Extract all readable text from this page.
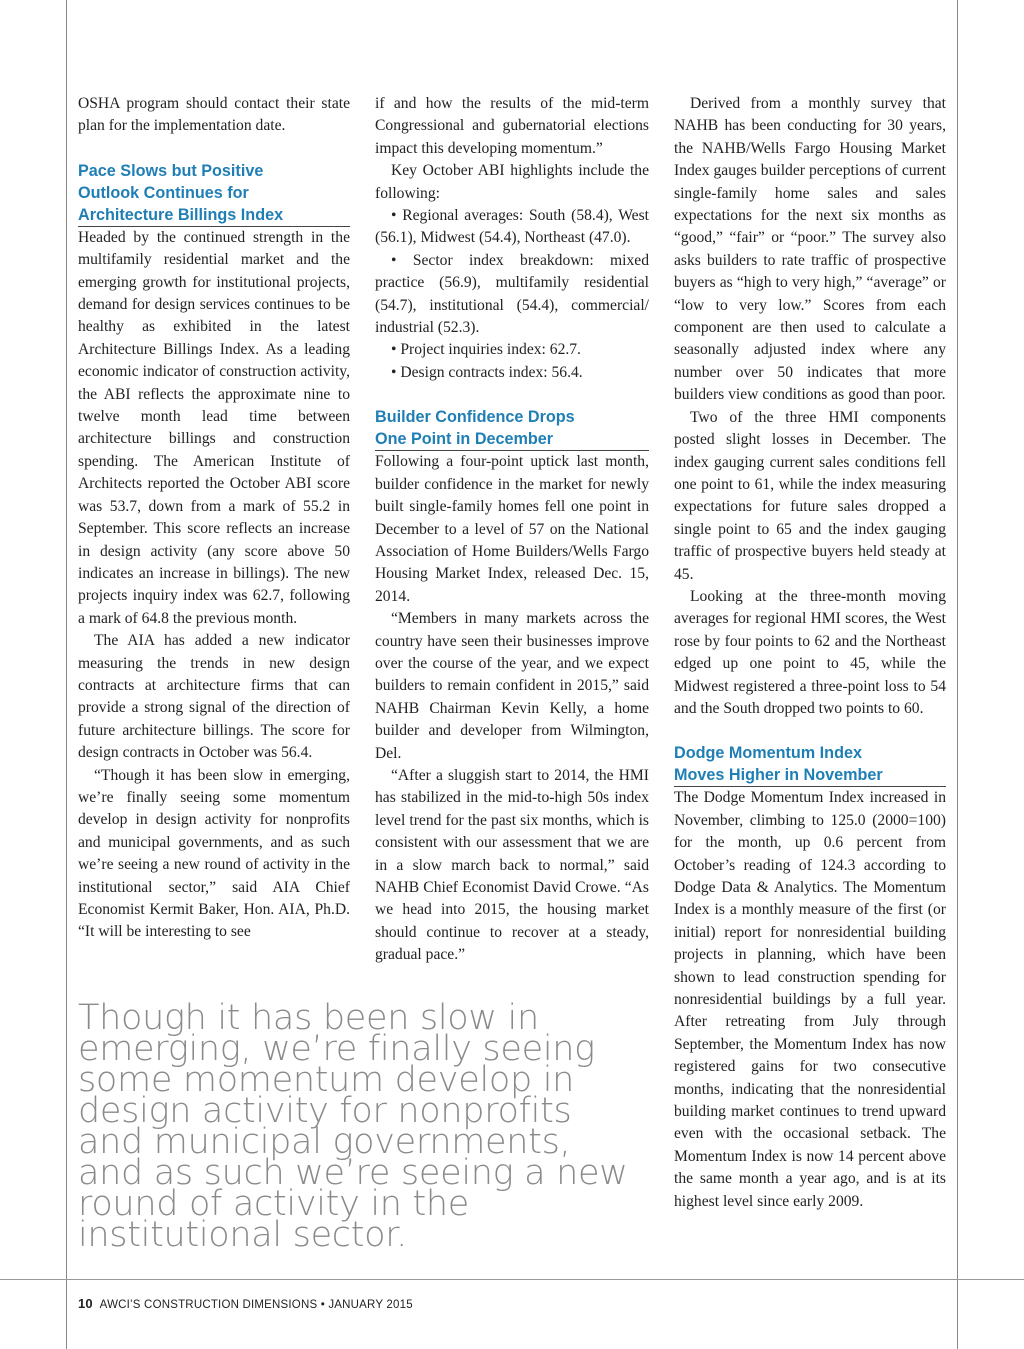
OSHA program should contact their state plan for the implementation date.

Pace Slows but Positive
Outlook Continues for
Architecture Billings Index

Headed by the continued strength in the multifamily residential market and the emerging growth for institutional projects, demand for design services continues to be healthy as exhibited in the latest Architecture Billings Index. As a leading economic indicator of construction activity, the ABI reflects the approximate nine to twelve month lead time between architecture billings and construction spending. The American Institute of Architects reported the October ABI score was 53.7, down from a mark of 55.2 in September. This score reflects an increase in design activity (any score above 50 indicates an increase in billings). The new projects inquiry index was 62.7, following a mark of 64.8 the previous month.

The AIA has added a new indicator measuring the trends in new design contracts at architecture firms that can provide a strong signal of the direction of future architecture billings. The score for design contracts in October was 56.4.

“Though it has been slow in emerging, we’re finally seeing some momentum develop in design activity for nonprofits and municipal governments, and as such we’re seeing a new round of activity in the institutional sector,” said AIA Chief Economist Kermit Baker, Hon. AIA, Ph.D. “It will be interesting to see

if and how the results of the mid-term Congressional and gubernatorial elections impact this developing momentum.”

Key October ABI highlights include the following:

• Regional averages: South (58.4), West (56.1), Midwest (54.4), Northeast (47.0).

• Sector index breakdown: mixed practice (56.9), multifamily residential (54.7), institutional (54.4), commercial/ industrial (52.3).

• Project inquiries index: 62.7.

• Design contracts index: 56.4.

Builder Confidence Drops
One Point in December

Following a four-point uptick last month, builder confidence in the market for newly built single-family homes fell one point in December to a level of 57 on the National Association of Home Builders/Wells Fargo Housing Market Index, released Dec. 15, 2014.

“Members in many markets across the country have seen their businesses improve over the course of the year, and we expect builders to remain confident in 2015,” said NAHB Chairman Kevin Kelly, a home builder and developer from Wilmington, Del.

“After a sluggish start to 2014, the HMI has stabilized in the mid-to-high 50s index level trend for the past six months, which is consistent with our assessment that we are in a slow march back to normal,” said NAHB Chief Economist David Crowe. “As we head into 2015, the housing market should continue to recover at a steady, gradual pace.”

Derived from a monthly survey that NAHB has been conducting for 30 years, the NAHB/Wells Fargo Housing Market Index gauges builder perceptions of current single-family home sales and sales expectations for the next six months as “good,” “fair” or “poor.” The survey also asks builders to rate traffic of prospective buyers as “high to very high,” “average” or “low to very low.” Scores from each component are then used to calculate a seasonally adjusted index where any number over 50 indicates that more builders view conditions as good than poor.

Two of the three HMI components posted slight losses in December. The index gauging current sales conditions fell one point to 61, while the index measuring expectations for future sales dropped a single point to 65 and the index gauging traffic of prospective buyers held steady at 45.

Looking at the three-month moving averages for regional HMI scores, the West rose by four points to 62 and the Northeast edged up one point to 45, while the Midwest registered a three-point loss to 54 and the South dropped two points to 60.

Dodge Momentum Index
Moves Higher in November

The Dodge Momentum Index increased in November, climbing to 125.0 (2000=100) for the month, up 0.6 percent from October’s reading of 124.3 according to Dodge Data & Analytics. The Momentum Index is a monthly measure of the first (or initial) report for nonresidential building projects in planning, which have been shown to lead construction spending for nonresidential buildings by a full year. After retreating from July through September, the Momentum Index has now registered gains for two consecutive months, indicating that the nonresidential building market continues to trend upward even with the occasional setback. The Momentum Index is now 14 percent above the same month a year ago, and is at its highest level since early 2009.

Though it has been slow in emerging, we’re finally seeing some momentum develop in design activity for nonprofits and municipal governments, and as such we’re seeing a new round of activity in the institutional sector.
10 AWCI’S CONSTRUCTION DIMENSIONS • JANUARY 2015
